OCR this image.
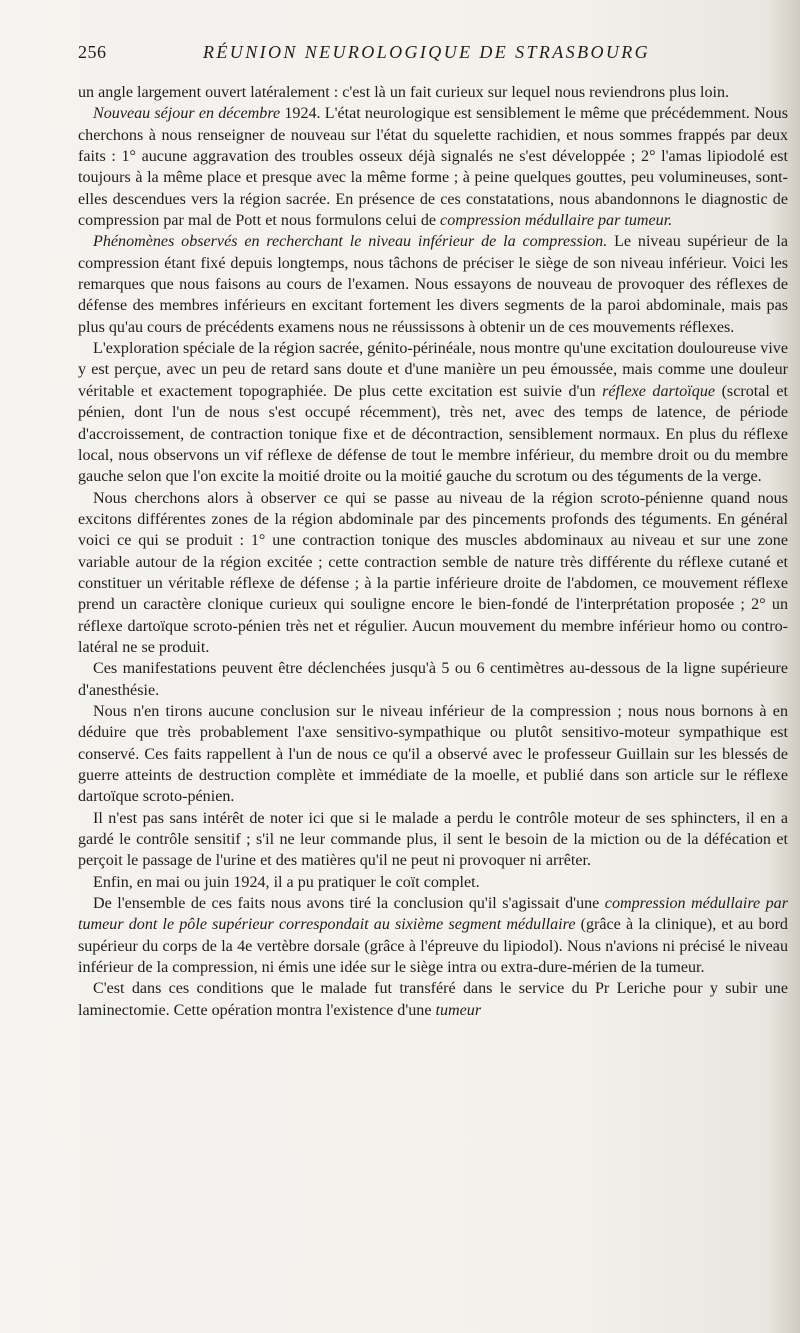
256	RÉUNION NEUROLOGIQUE DE STRASBOURG

un angle largement ouvert latéralement : c'est là un fait curieux sur lequel nous reviendrons plus loin.

Nouveau séjour en décembre 1924. L'état neurologique est sensiblement le même que précédemment. Nous cherchons à nous renseigner de nouveau sur l'état du squelette rachidien, et nous sommes frappés par deux faits : 1° aucune aggravation des troubles osseux déjà signalés ne s'est développée ; 2° l'amas lipiodolé est toujours à la même place et presque avec la même forme ; à peine quelques gouttes, peu volumineuses, sont-elles descendues vers la région sacrée. En présence de ces constatations, nous abandonnons le diagnostic de compression par mal de Pott et nous formulons celui de compression médullaire par tumeur.

Phénomènes observés en recherchant le niveau inférieur de la compression. Le niveau supérieur de la compression étant fixé depuis longtemps, nous tâchons de préciser le siège de son niveau inférieur. Voici les remarques que nous faisons au cours de l'examen. Nous essayons de nouveau de provoquer des réflexes de défense des membres inférieurs en excitant fortement les divers segments de la paroi abdominale, mais pas plus qu'au cours de précédents examens nous ne réussissons à obtenir un de ces mouvements réflexes.

L'exploration spéciale de la région sacrée, génito-périnéale, nous montre qu'une excitation douloureuse vive y est perçue, avec un peu de retard sans doute et d'une manière un peu émoussée, mais comme une douleur véritable et exactement topographiée. De plus cette excitation est suivie d'un réflexe dartoïque (scrotal et pénien, dont l'un de nous s'est occupé récemment), très net, avec des temps de latence, de période d'accroissement, de contraction tonique fixe et de décontraction, sensiblement normaux. En plus du réflexe local, nous observons un vif réflexe de défense de tout le membre inférieur, du membre droit ou du membre gauche selon que l'on excite la moitié droite ou la moitié gauche du scrotum ou des téguments de la verge.

Nous cherchons alors à observer ce qui se passe au niveau de la région scroto-pénienne quand nous excitons différentes zones de la région abdominale par des pincements profonds des téguments. En général voici ce qui se produit : 1° une contraction tonique des muscles abdominaux au niveau et sur une zone variable autour de la région excitée ; cette contraction semble de nature très différente du réflexe cutané et constituer un véritable réflexe de défense ; à la partie inférieure droite de l'abdomen, ce mouvement réflexe prend un caractère clonique curieux qui souligne encore le bien-fondé de l'interprétation proposée ; 2° un réflexe dartoïque scroto-pénien très net et régulier. Aucun mouvement du membre inférieur homo ou contro-latéral ne se produit.

Ces manifestations peuvent être déclenchées jusqu'à 5 ou 6 centimètres au-dessous de la ligne supérieure d'anesthésie.

Nous n'en tirons aucune conclusion sur le niveau inférieur de la compression ; nous nous bornons à en déduire que très probablement l'axe sensitivo-sympathique ou plutôt sensitivo-moteur sympathique est conservé. Ces faits rappellent à l'un de nous ce qu'il a observé avec le professeur Guillain sur les blessés de guerre atteints de destruction complète et immédiate de la moelle, et publié dans son article sur le réflexe dartoïque scroto-pénien.

Il n'est pas sans intérêt de noter ici que si le malade a perdu le contrôle moteur de ses sphincters, il en a gardé le contrôle sensitif ; s'il ne leur commande plus, il sent le besoin de la miction ou de la défécation et perçoit le passage de l'urine et des matières qu'il ne peut ni provoquer ni arrêter.

Enfin, en mai ou juin 1924, il a pu pratiquer le coït complet.

De l'ensemble de ces faits nous avons tiré la conclusion qu'il s'agissait d'une compression médullaire par tumeur dont le pôle supérieur correspondait au sixième segment médullaire (grâce à la clinique), et au bord supérieur du corps de la 4e vertèbre dorsale (grâce à l'épreuve du lipiodol). Nous n'avions ni précisé le niveau inférieur de la compression, ni émis une idée sur le siège intra ou extra-dure-mérien de la tumeur.

C'est dans ces conditions que le malade fut transféré dans le service du Pr Leriche pour y subir une laminectomie. Cette opération montra l'existence d'une tumeur
